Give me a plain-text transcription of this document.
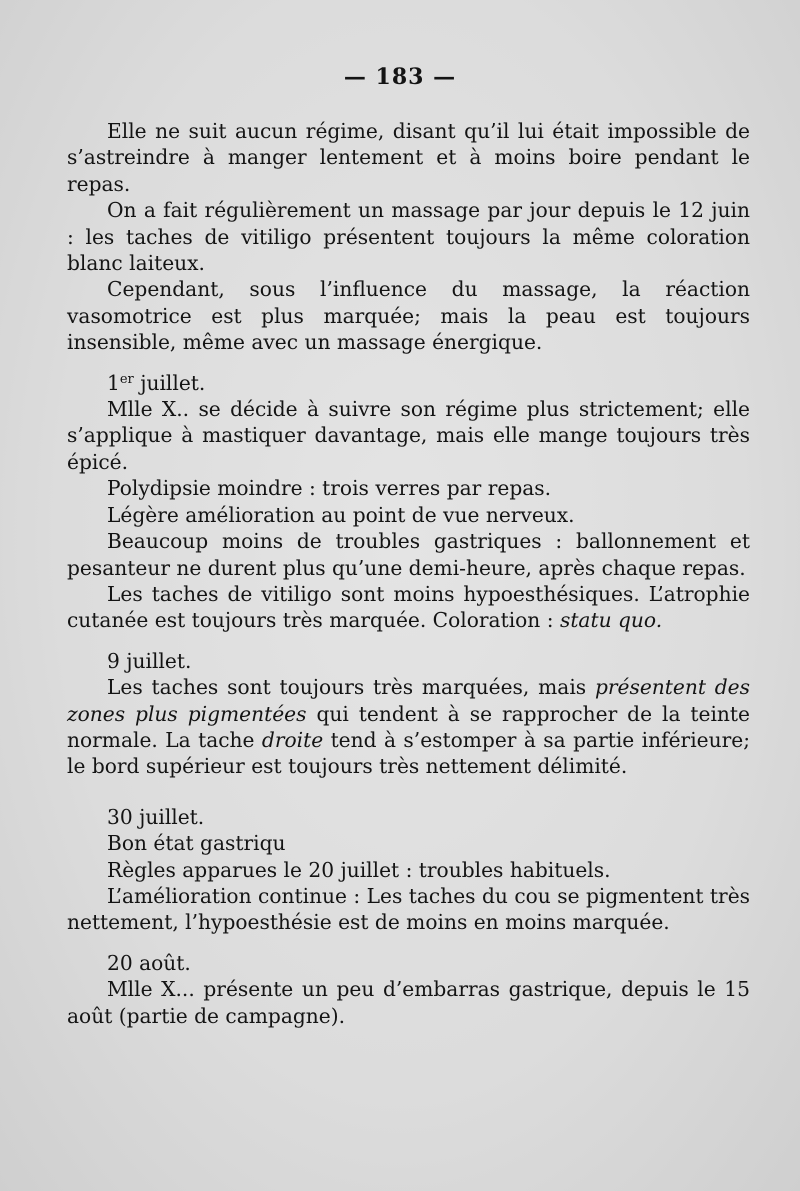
— 183 —

Elle ne suit aucun régime, disant qu’il lui était impossible de s’astreindre à manger lentement et à moins boire pendant le repas.

On a fait régulièrement un massage par jour depuis le 12 juin : les taches de vitiligo présentent toujours la même coloration blanc laiteux.

Cependant, sous l’influence du massage, la réaction vasomotrice est plus marquée; mais la peau est toujours insensible, même avec un massage énergique.

1er juillet.

Mlle X.. se décide à suivre son régime plus strictement; elle s’applique à mastiquer davantage, mais elle mange toujours très épicé.

Polydipsie moindre : trois verres par repas.

Légère amélioration au point de vue nerveux.

Beaucoup moins de troubles gastriques : ballonnement et pesanteur ne durent plus qu’une demi-heure, après chaque repas.

Les taches de vitiligo sont moins hypoesthésiques. L’atrophie cutanée est toujours très marquée. Coloration : statu quo.

9 juillet.

Les taches sont toujours très marquées, mais présentent des zones plus pigmentées qui tendent à se rapprocher de la teinte normale. La tache droite tend à s’estomper à sa partie inférieure; le bord supérieur est toujours très nettement délimité.

30 juillet.

Bon état gastriqu

Règles apparues le 20 juillet : troubles habituels.

L’amélioration continue : Les taches du cou se pigmentent très nettement, l’hypoesthésie est de moins en moins marquée.

20 août.

Mlle X... présente un peu d’embarras gastrique, depuis le 15 août (partie de campagne).
